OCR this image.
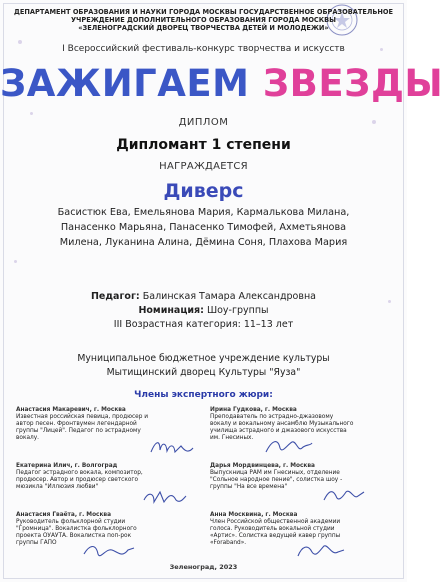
ДЕПАРТАМЕНТ ОБРАЗОВАНИЯ И НАУКИ ГОРОДА МОСКВЫ ГОСУДАРСТВЕННОЕ ОБРАЗОВАТЕЛЬНОЕ
УЧРЕЖДЕНИЕ ДОПОЛНИТЕЛЬНОГО ОБРАЗОВАНИЯ ГОРОДА МОСКВЫ
«ЗЕЛЕНОГРАДСКИЙ ДВОРЕЦ ТВОРЧЕСТВА ДЕТЕЙ И МОЛОДЕЖИ»
I Всероссийский фестиваль-конкурс творчества и искусств
ЗАЖИГАЕМ ЗВЕЗДЫ
ДИПЛОМ
Дипломант 1 степени
НАГРАЖДАЕТСЯ
Диверс
Басистюк Ева, Емельянова Мария, Кармалькова Милана,
Панасенко Марьяна, Панасенко Тимофей, Ахметьянова
Милена, Луканина Алина, Дёмина Соня, Плахова Мария
Педагог: Балинская Тамара Александровна
Номинация: Шоу-группы
III Возрастная категория: 11–13 лет
Муниципальное бюджетное учреждение культуры
Мытищинский дворец Культуры "Яуза"
Члены экспертного жюри:
Анастасия Макаревич, г. Москва
Известная российская певица, продюсер и
автор песен. Фронтвумен легендарной
группы "Лицей". Педагог по эстрадному
вокалу.
Ирина Гудкова, г. Москва
Преподаватель по эстрадно-джазовому
вокалу и вокальному ансамблю Музыкального
училища эстрадного и джазового искусства
им. Гнесиных.
Екатерина Илич, г. Волгоград
Педагог эстрадного вокала, композитор,
продюсер. Автор и продюсер светского
мюзикла "Иллюзия любви"
Дарья Мордвинцева, г. Москва
Выпускница РАМ им Гнесиных, отделение
"Сольное народное пение", солистка шоу -
группы "На все времена"
Анастасия Гваёта, г. Москва
Руководитель фольклорной студии
"Громница". Вокалистка фольклорного
проекта ОУАУТА. Вокалистка поп-рок
группы ГАПО
Анна Москвина, г. Москва
Член Российской общественной академии
голоса. Руководитель вокальной студии
«Артис». Солистка ведущей кавер группы
«Foraband».
Зеленоград, 2023
